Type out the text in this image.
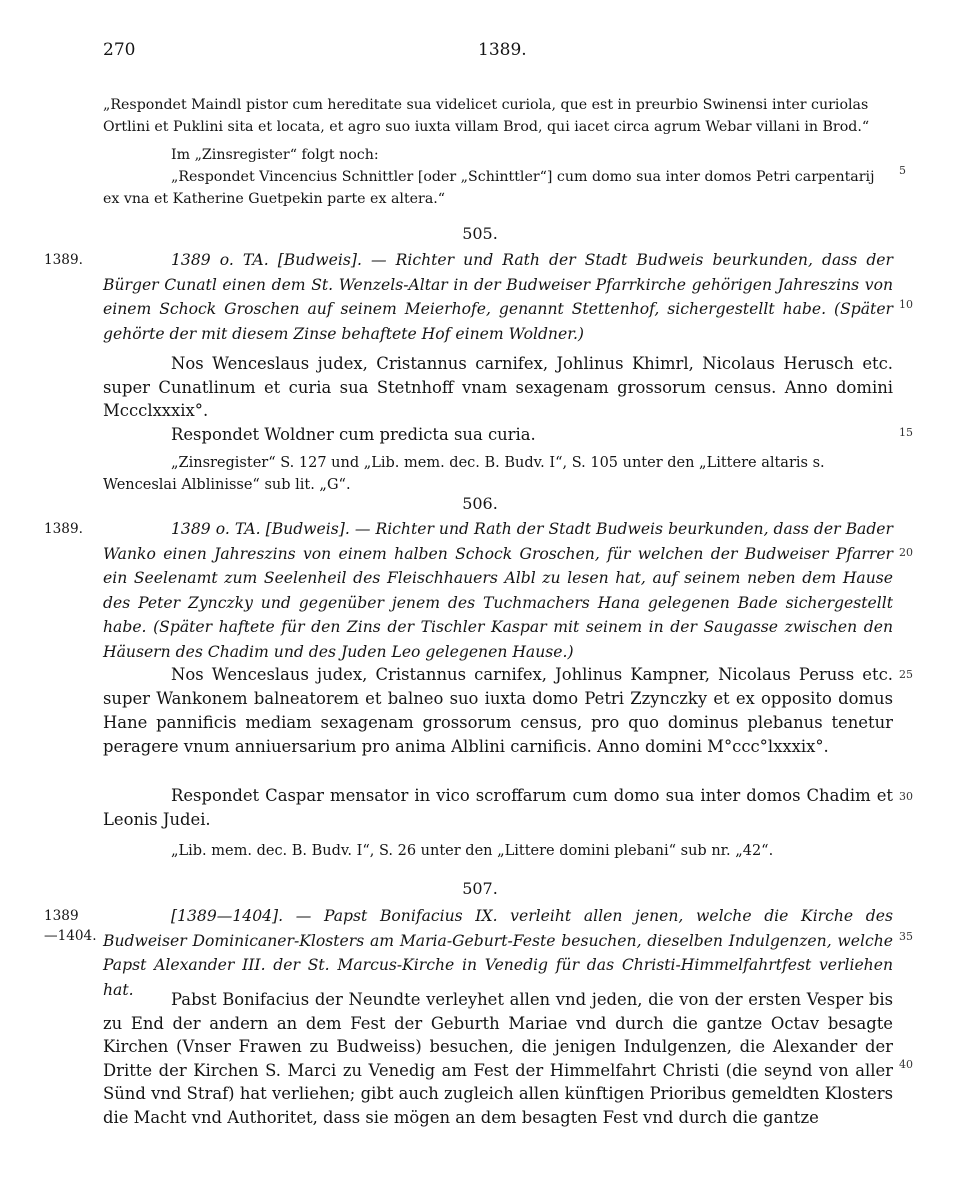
270	1389.

„Respondet Maindl pistor cum hereditate sua videlicet curiola, que est in preurbio Swinensi inter curiolas Ortlini et Puklini sita et locata, et agro suo iuxta villam Brod, qui iacet circa agrum Webar villani in Brod.“

Im „Zinsregister“ folgt noch:

„Respondet Vincencius Schnittler [oder „Schinttler“] cum domo sua inter domos Petri carpentarij ex vna et Katherine Guetpekin parte ex altera.“

505.

1389.	1389 o. TA. [Budweis]. — Richter und Rath der Stadt Budweis beurkunden, dass der Bürger Cunatl einen dem St. Wenzels-Altar in der Budweiser Pfarrkirche gehörigen Jahreszins von einem Schock Groschen auf seinem Meierhofe, genannt Stettenhof, sichergestellt habe. (Später gehörte der mit diesem Zinse behaftete Hof einem Woldner.)

Nos Wenceslaus judex, Cristannus carnifex, Johlinus Khimrl, Nicolaus Herusch etc. super Cunatlinum et curia sua Stetnhoff vnam sexagenam grossorum census. Anno domini Mccclxxxix°.

Respondet Woldner cum predicta sua curia.

„Zinsregister“ S. 127 und „Lib. mem. dec. B. Budv. I“, S. 105 unter den „Littere altaris s. Wenceslai Alblinisse“ sub lit. „G“.

506.

1389.	1389 o. TA. [Budweis]. — Richter und Rath der Stadt Budweis beurkunden, dass der Bader Wanko einen Jahreszins von einem halben Schock Groschen, für welchen der Budweiser Pfarrer ein Seelenamt zum Seelenheil des Fleischhauers Albl zu lesen hat, auf seinem neben dem Hause des Peter Zynczky und gegenüber jenem des Tuchmachers Hana gelegenen Bade sichergestellt habe. (Später haftete für den Zins der Tischler Kaspar mit seinem in der Saugasse zwischen den Häusern des Chadim und des Juden Leo gelegenen Hause.)

Nos Wenceslaus judex, Cristannus carnifex, Johlinus Kampner, Nicolaus Peruss etc. super Wankonem balneatorem et balneo suo iuxta domo Petri Zzynczky et ex opposito domus Hane pannificis mediam sexagenam grossorum census, pro quo dominus plebanus tenetur peragere vnum anniuersarium pro anima Alblini carnificis. Anno domini M°ccc°lxxxix°.

Respondet Caspar mensator in vico scroffarum cum domo sua inter domos Chadim et Leonis Judei.

„Lib. mem. dec. B. Budv. I“, S. 26 unter den „Littere domini plebani“ sub nr. „42“.

507.

1389
—1404.

[1389—1404]. — Papst Bonifacius IX. verleiht allen jenen, welche die Kirche des Budweiser Dominicaner-Klosters am Maria-Geburt-Feste besuchen, dieselben Indulgenzen, welche Papst Alexander III. der St. Marcus-Kirche in Venedig für das Christi-Himmelfahrtfest verliehen hat.

Pabst Bonifacius der Neundte verleyhet allen vnd jeden, die von der ersten Vesper bis zu End der andern an dem Fest der Geburth Mariae vnd durch die gantze Octav besagte Kirchen (Vnser Frawen zu Budweiss) besuchen, die jenigen Indulgenzen, die Alexander der Dritte der Kirchen S. Marci zu Venedig am Fest der Himmelfahrt Christi (die seynd von aller Sünd vnd Straf) hat verliehen; gibt auch zugleich allen künftigen Prioribus gemeldten Klosters die Macht vnd Authoritet, dass sie mögen an dem besagten Fest vnd durch die gantze

5
10
15
20
25
30
35
40
